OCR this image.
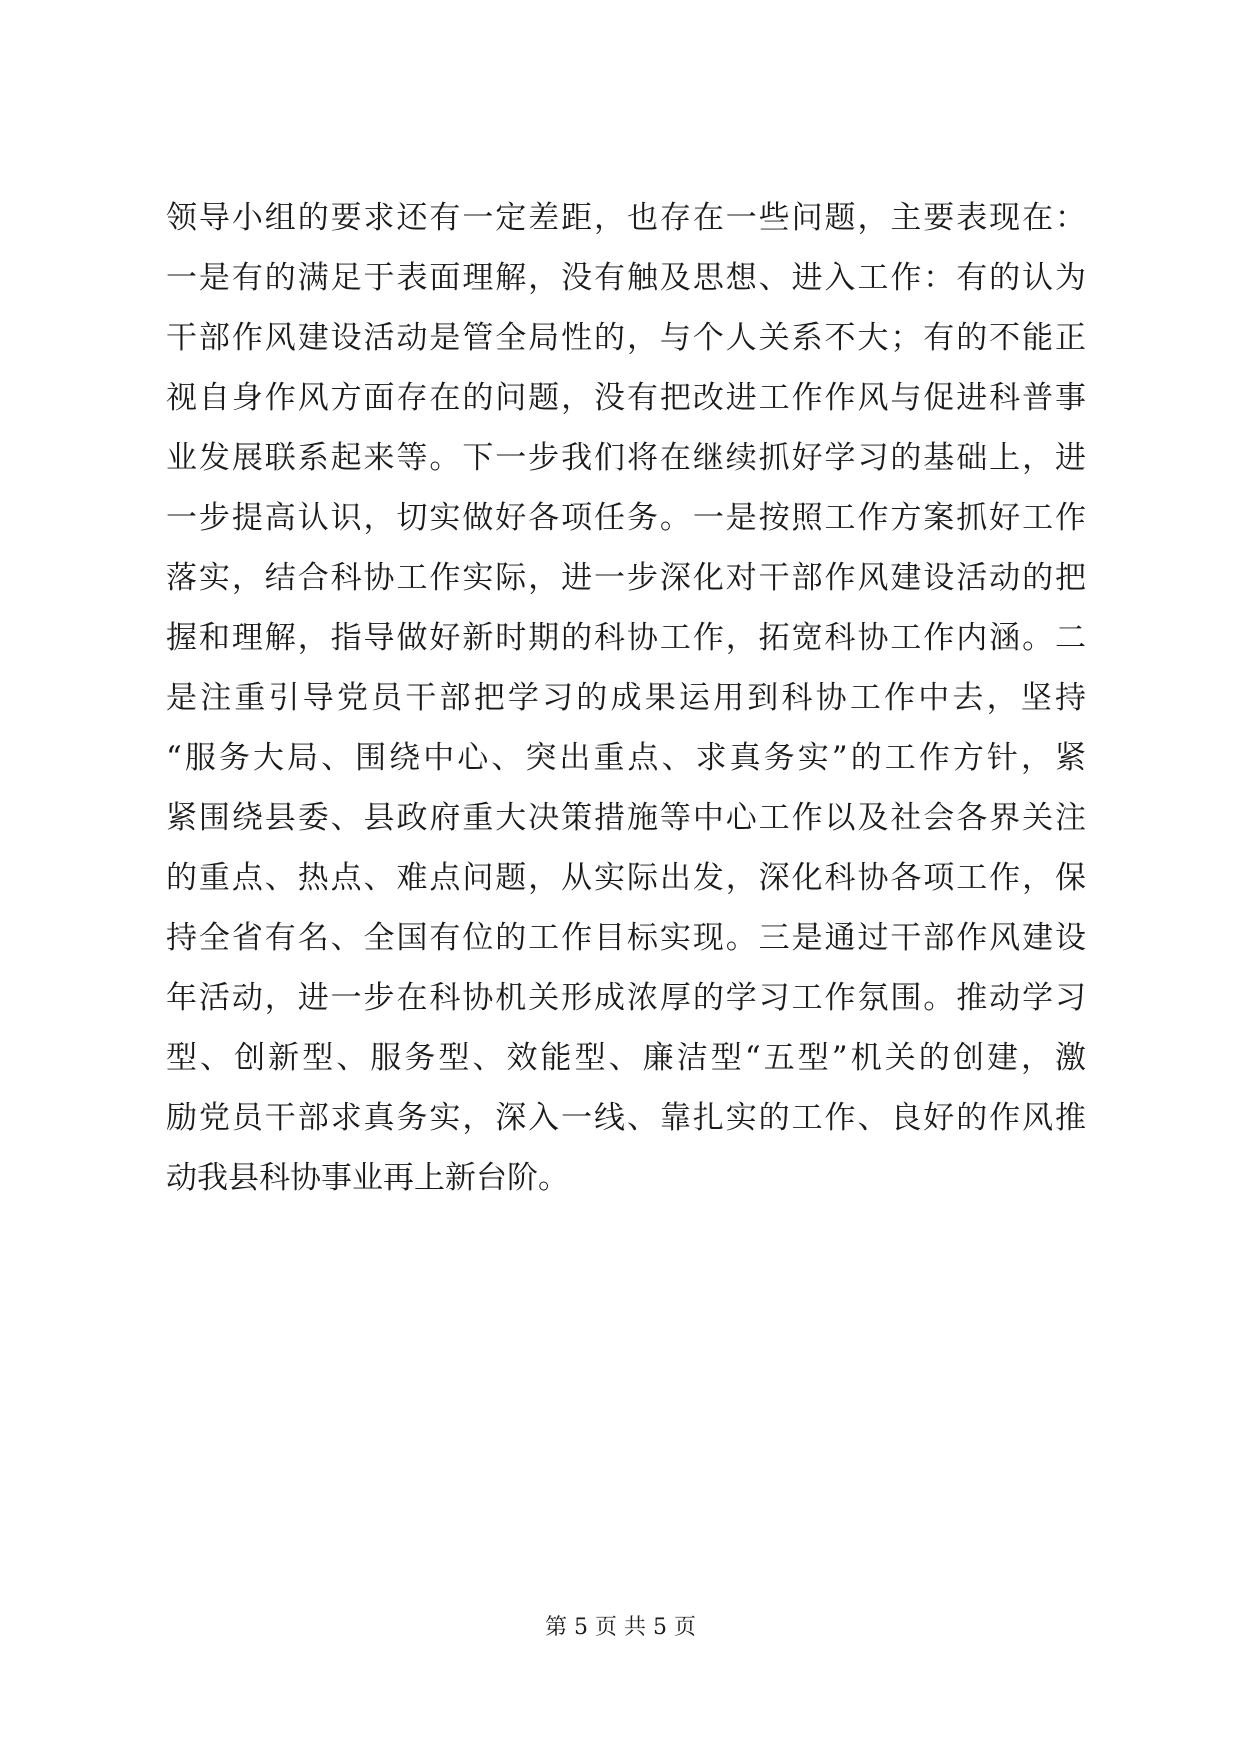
领导小组的要求还有一定差距，也存在一些问题，主要表现在：
一是有的满足于表面理解，没有触及思想、进入工作：有的认为
干部作风建设活动是管全局性的，与个人关系不大；有的不能正
视自身作风方面存在的问题，没有把改进工作作风与促进科普事
业发展联系起来等。下一步我们将在继续抓好学习的基础上，进
一步提高认识，切实做好各项任务。一是按照工作方案抓好工作
落实，结合科协工作实际，进一步深化对干部作风建设活动的把
握和理解，指导做好新时期的科协工作，拓宽科协工作内涵。二
是注重引导党员干部把学习的成果运用到科协工作中去，坚持
“服务大局、围绕中心、突出重点、求真务实”的工作方针，紧
紧围绕县委、县政府重大决策措施等中心工作以及社会各界关注
的重点、热点、难点问题，从实际出发，深化科协各项工作，保
持全省有名、全国有位的工作目标实现。三是通过干部作风建设
年活动，进一步在科协机关形成浓厚的学习工作氛围。推动学习
型、创新型、服务型、效能型、廉洁型“五型”机关的创建，激
励党员干部求真务实，深入一线、靠扎实的工作、良好的作风推
动我县科协事业再上新台阶。
第 5 页 共 5 页
